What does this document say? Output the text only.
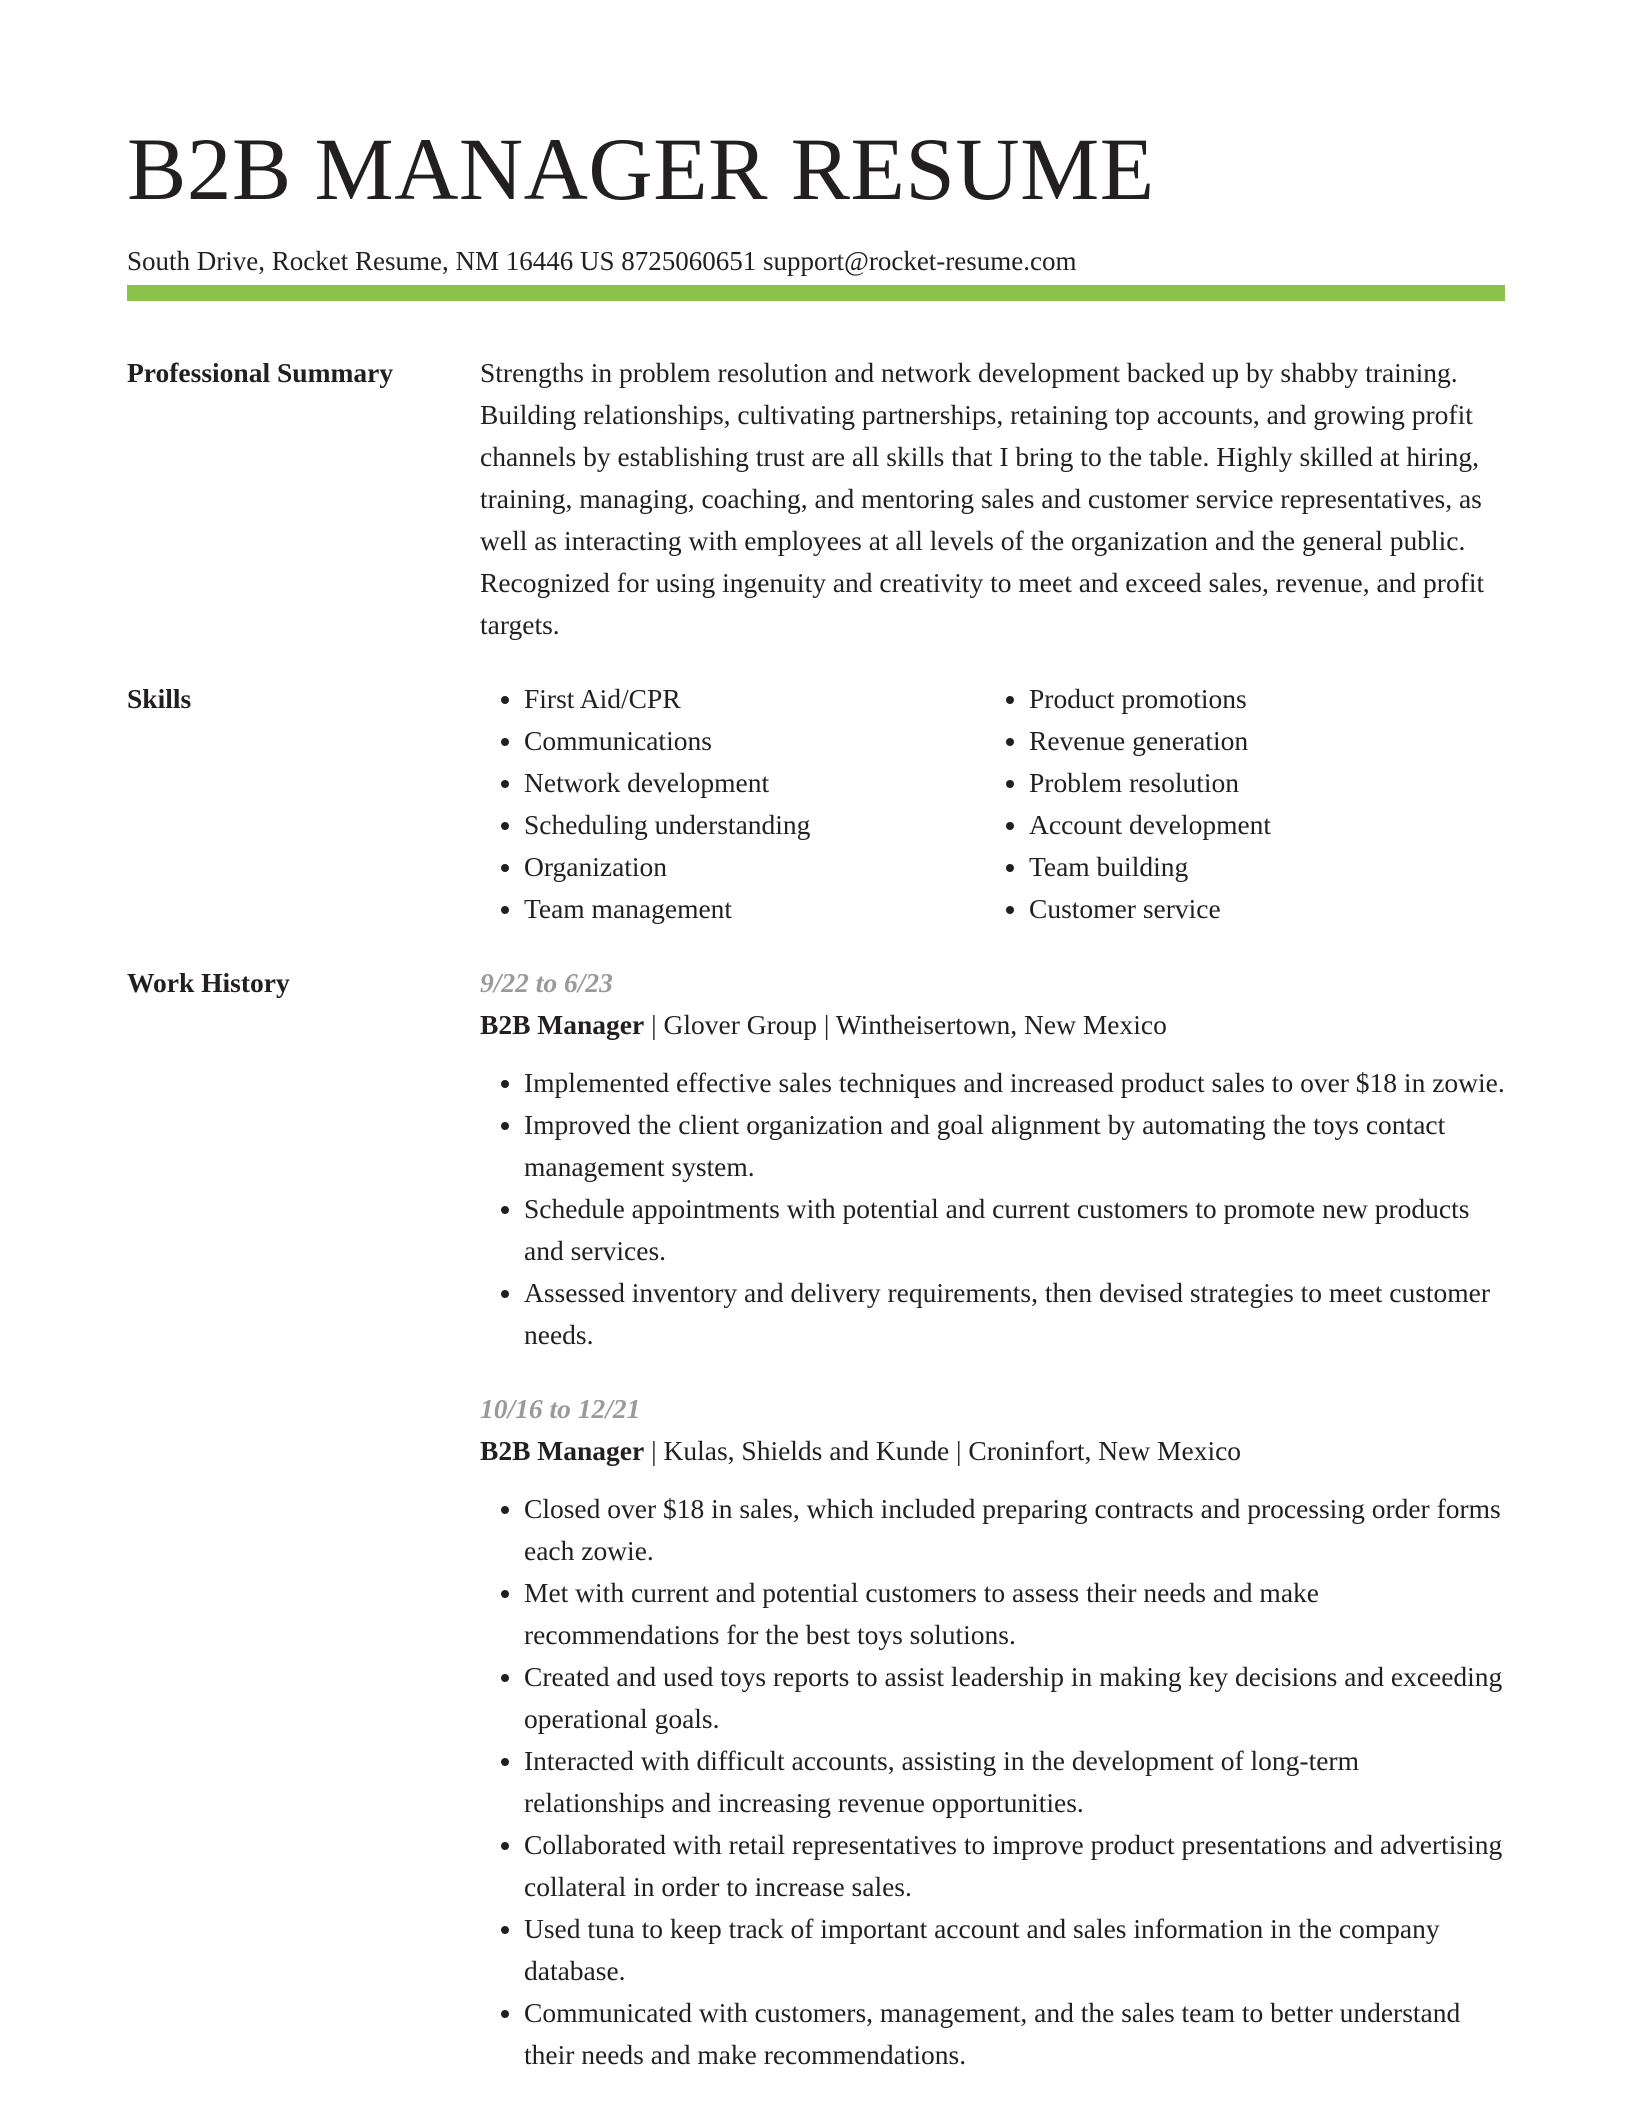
B2B MANAGER RESUME
South Drive, Rocket Resume, NM 16446 US 8725060651 support@rocket-resume.com
Professional Summary	Strengths in problem resolution and network development backed up by shabby training. Building relationships, cultivating partnerships, retaining top accounts, and growing profit channels by establishing trust are all skills that I bring to the table. Highly skilled at hiring, training, managing, coaching, and mentoring sales and customer service representatives, as well as interacting with employees at all levels of the organization and the general public. Recognized for using ingenuity and creativity to meet and exceed sales, revenue, and profit targets.

Skills
•	First Aid/CPR
• Communications
• Network development
• Scheduling understanding
• Organization
• Team management
• Product promotions
• Revenue generation
• Problem resolution
• Account development
• Team building
• Customer service
Work History	9/22 to 6/23
B2B Manager | Glover Group | Wintheisertown, New Mexico
• Implemented effective sales techniques and increased product sales to over $18 in zowie.
• Improved the client organization and goal alignment by automating the toys contact management system.
• Schedule appointments with potential and current customers to promote new products and services.
• Assessed inventory and delivery requirements, then devised strategies to meet customer needs.
10/16 to 12/21
B2B Manager | Kulas, Shields and Kunde | Croninfort, New Mexico
• Closed over $18 in sales, which included preparing contracts and processing order forms each zowie.
• Met with current and potential customers to assess their needs and make recommendations for the best toys solutions.
• Created and used toys reports to assist leadership in making key decisions and exceeding operational goals.
• Interacted with difficult accounts, assisting in the development of long-term relationships and increasing revenue opportunities.
• Collaborated with retail representatives to improve product presentations and advertising collateral in order to increase sales.
• Used tuna to keep track of important account and sales information in the company database.
• Communicated with customers, management, and the sales team to better understand their needs and make recommendations.
